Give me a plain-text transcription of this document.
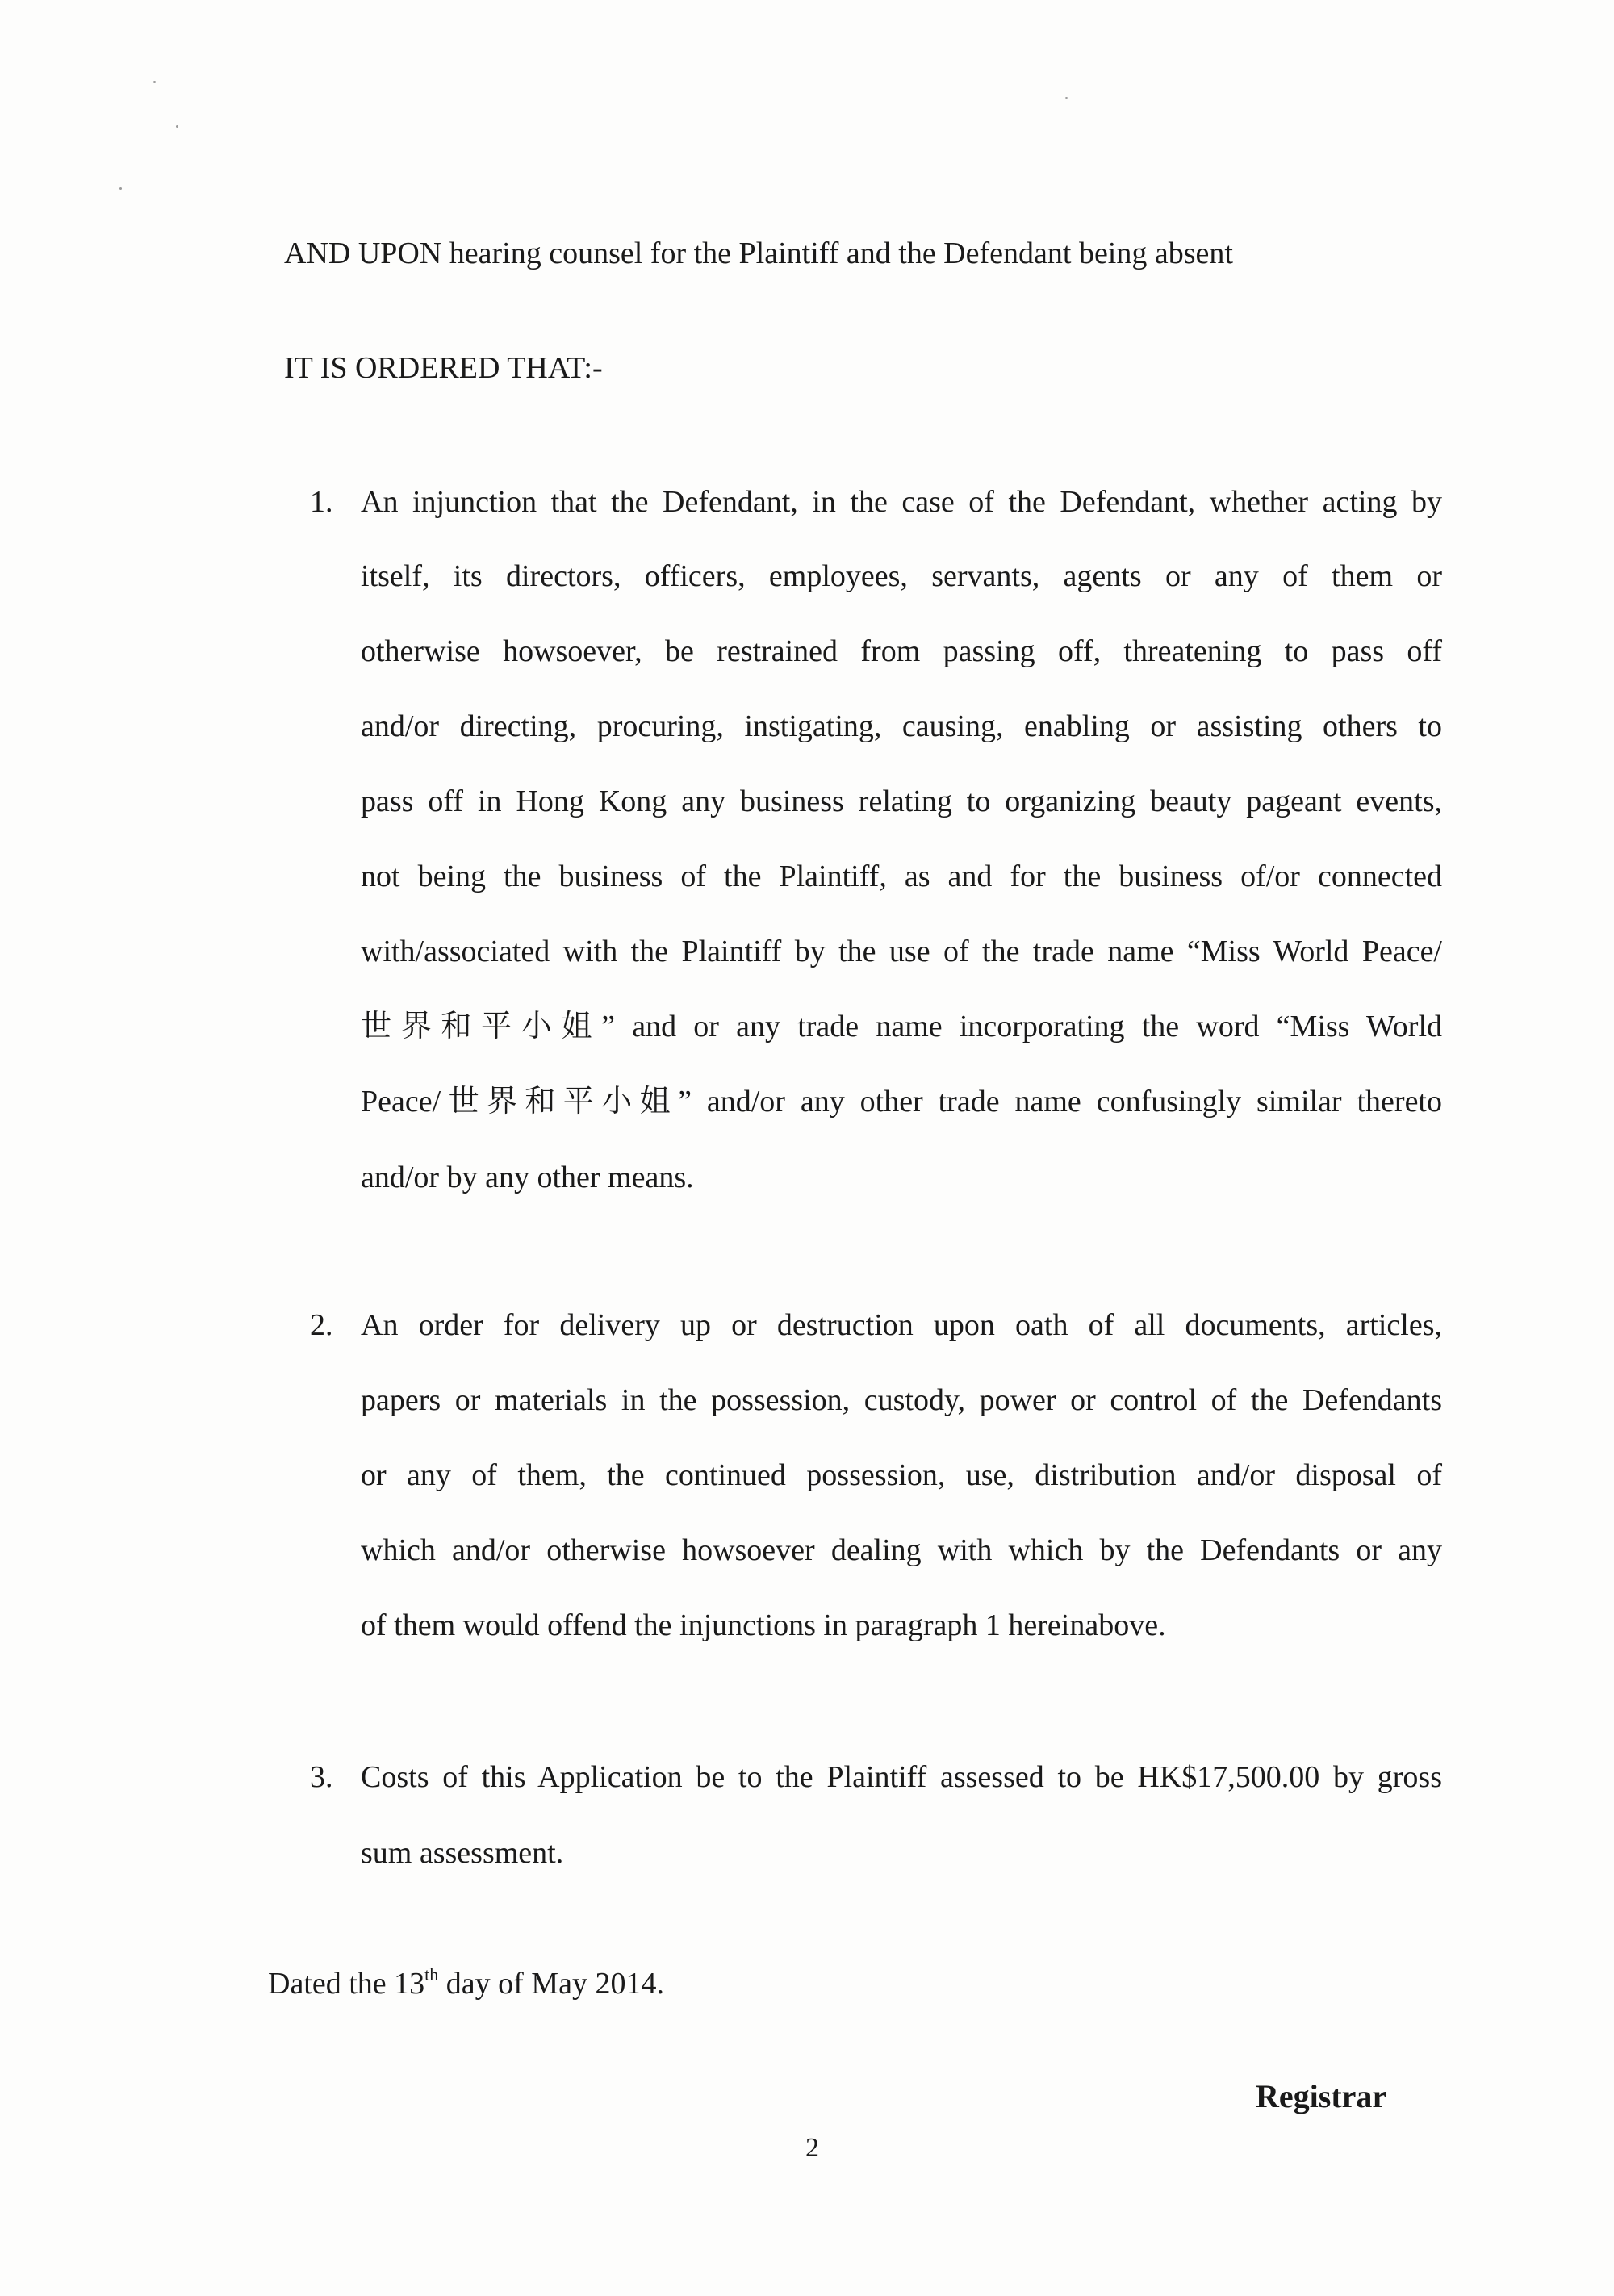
AND UPON hearing counsel for the Plaintiff and the Defendant being absent
IT IS ORDERED THAT:-
1. An injunction that the Defendant, in the case of the Defendant, whether acting by
itself, its directors, officers, employees, servants, agents or any of them or
otherwise howsoever, be restrained from passing off, threatening to pass off
and/or directing, procuring, instigating, causing, enabling or assisting others to
pass off in Hong Kong any business relating to organizing beauty pageant events,
not being the business of the Plaintiff, as and for the business of/or connected
with/associated with the Plaintiff by the use of the trade name “Miss World Peace/
世界和平小姐” and or any trade name incorporating the word “Miss World
Peace/世界和平小姐” and/or any other trade name confusingly similar thereto
and/or by any other means.
2. An order for delivery up or destruction upon oath of all documents, articles,
papers or materials in the possession, custody, power or control of the Defendants
or any of them, the continued possession, use, distribution and/or disposal of
which and/or otherwise howsoever dealing with which by the Defendants or any
of them would offend the injunctions in paragraph 1 hereinabove.
3. Costs of this Application be to the Plaintiff assessed to be HK$17,500.00 by gross
sum assessment.
Dated the 13th day of May 2014.
Registrar
2
